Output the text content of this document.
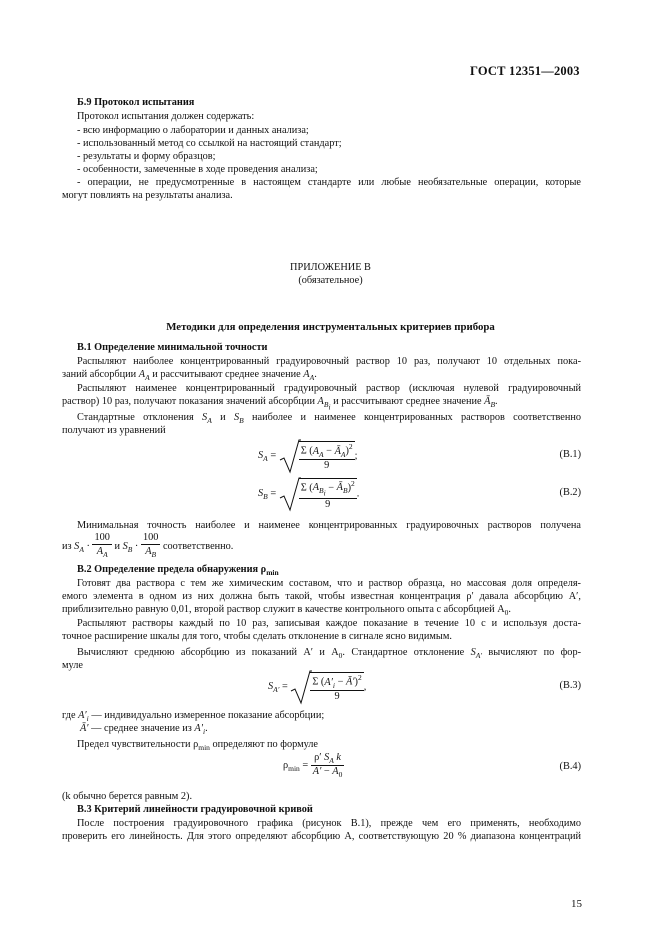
ГОСТ 12351—2003
Б.9 Протокол испытания
Протокол испытания должен содержать:
- всю информацию о лаборатории и данных анализа;
- использованный метод со ссылкой на настоящий стандарт;
- результаты и форму образцов;
- особенности, замеченные в ходе проведения анализа;
- операции, не предусмотренные в настоящем стандарте или любые необязательные операции, которые
могут повлиять на результаты анализа.
ПРИЛОЖЕНИЕ В
(обязательное)
Методики для определения инструментальных критериев прибора
В.1 Определение минимальной точности
Распыляют наиболее концентрированный градуировочный раствор 10 раз, получают 10 отдельных пока-
заний абсорбции $A_A$ и рассчитывают среднее значение $A_A$.
Распыляют наименее концентрированный градуировочный раствор (исключая нулевой градуировочный
раствор) 10 раз, получают показания значений абсорбции $A_{B_i}$ и рассчитывают среднее значение $Ā_B$.
Стандартные отклонения $S_A$ и $S_B$ наиболее и наименее концентрированных растворов соответственно
получают из уравнений
$S_A = \frac{\Sigma (A_A - Ā_A)^2}{9}$ ;	(В.1)
$S_B = \frac{\Sigma (A_{B_i} - Ā_B)^2}{9}$ .	(В.2)
Минимальная точность наиболее и наименее концентрированных градуировочных растворов получена
из $S_A \cdot \frac{100}{A_A}$ и $S_B \cdot \frac{100}{A_B}$ соответственно.
В.2 Определение предела обнаружения $\rho_{min}$
Готовят два раствора с тем же химическим составом, что и раствор образца, но массовая доля определя-
емого элемента в одном из них должна быть такой, чтобы известная концентрация ρ′ давала абсорбцию A′,
приблизительно равную 0,01, второй раствор служит в качестве контрольного опыта с абсорбцией $A_0$.
Распыляют растворы каждый по 10 раз, записывая каждое показание в течение 10 с и используя доста-
точное расширение шкалы для того, чтобы сделать отклонение в сигнале ясно видимым.
Вычисляют среднюю абсорбцию из показаний A′ и $A_0$. Стандартное отклонение $S_{A'}$ вычисляют по фор-
муле
$S_{A'} = \frac{\Sigma (A'_i - Ā')^2}{9}$ ,	(В.3)
где $A'_i$ — индивидуально измеренное показание абсорбции;
Ā′ — среднее значение из $A'_i$.
Предел чувствительности $\rho_{min}$ определяют по формуле
$\rho_{min} = \frac{\rho' S_A k}{A' - A_0}$	(В.4)
(k обычно берется равным 2).
В.3 Критерий линейности градуировочной кривой
После построения градуировочного графика (рисунок В.1), прежде чем его применять, необходимо
проверить его линейность. Для этого определяют абсорбцию A, соответствующую 20 % диапазона концентраций
15
